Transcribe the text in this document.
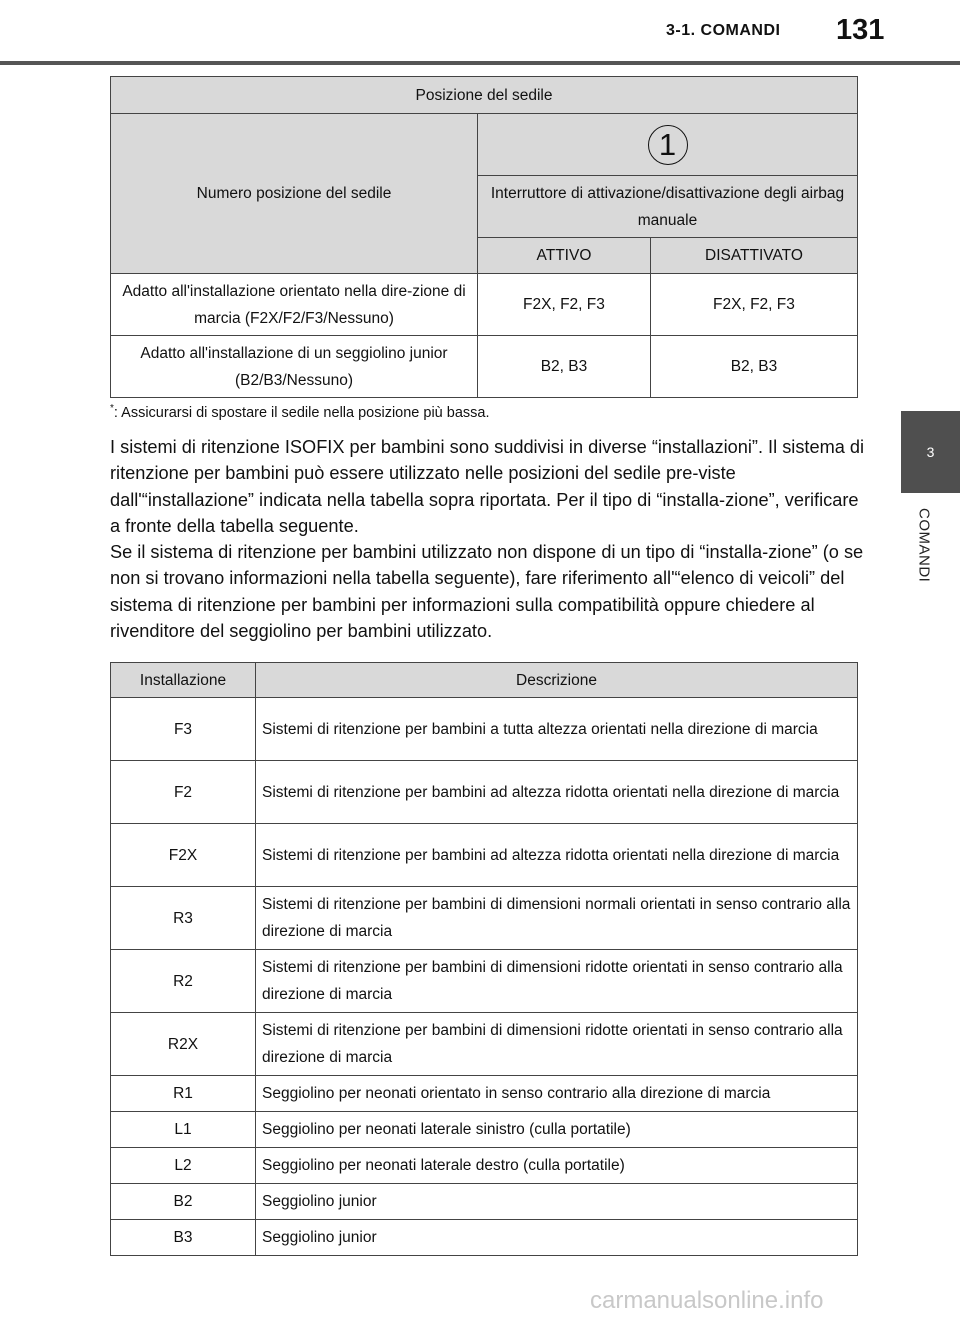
3-1. COMANDI 131
3
COMANDI
Posizione del sedile		
Numero posizione del sedile	1	
	Interruttore di attivazione/disattivazione degli airbag manuale	
	ATTIVO	DISATTIVATO
Adatto all'installazione orientato nella dire-zione di marcia (F2X/F2/F3/Nessuno)	F2X, F2, F3	F2X, F2, F3
Adatto all'installazione di un seggiolino junior (B2/B3/Nessuno)	B2, B3	B2, B3
*: Assicurarsi di spostare il sedile nella posizione più bassa.

I sistemi di ritenzione ISOFIX per bambini sono suddivisi in diverse “installazioni”. Il sistema di ritenzione per bambini può essere utilizzato nelle posizioni del sedile pre-viste dall'“installazione” indicata nella tabella sopra riportata. Per il tipo di “installa-zione”, verificare a fronte della tabella seguente.

Se il sistema di ritenzione per bambini utilizzato non dispone di un tipo di “installa-zione” (o se non si trovano informazioni nella tabella seguente), fare riferimento all'“elenco di veicoli” del sistema di ritenzione per bambini per informazioni sulla compatibilità oppure chiedere al rivenditore del seggiolino per bambini utilizzato.

Installazione	Descrizione
F3	Sistemi di ritenzione per bambini a tutta altezza orientati nella direzione di marcia
F2	Sistemi di ritenzione per bambini ad altezza ridotta orientati nella direzione di marcia
F2X	Sistemi di ritenzione per bambini ad altezza ridotta orientati nella direzione di marcia
R3	Sistemi di ritenzione per bambini di dimensioni normali orientati in senso contrario alla direzione di marcia
R2	Sistemi di ritenzione per bambini di dimensioni ridotte orientati in senso contrario alla direzione di marcia
R2X	Sistemi di ritenzione per bambini di dimensioni ridotte orientati in senso contrario alla direzione di marcia
R1	Seggiolino per neonati orientato in senso contrario alla direzione di marcia
L1	Seggiolino per neonati laterale sinistro (culla portatile)
L2	Seggiolino per neonati laterale destro (culla portatile)
B2	Seggiolino junior
B3	Seggiolino junior
carmanualsonline.info
